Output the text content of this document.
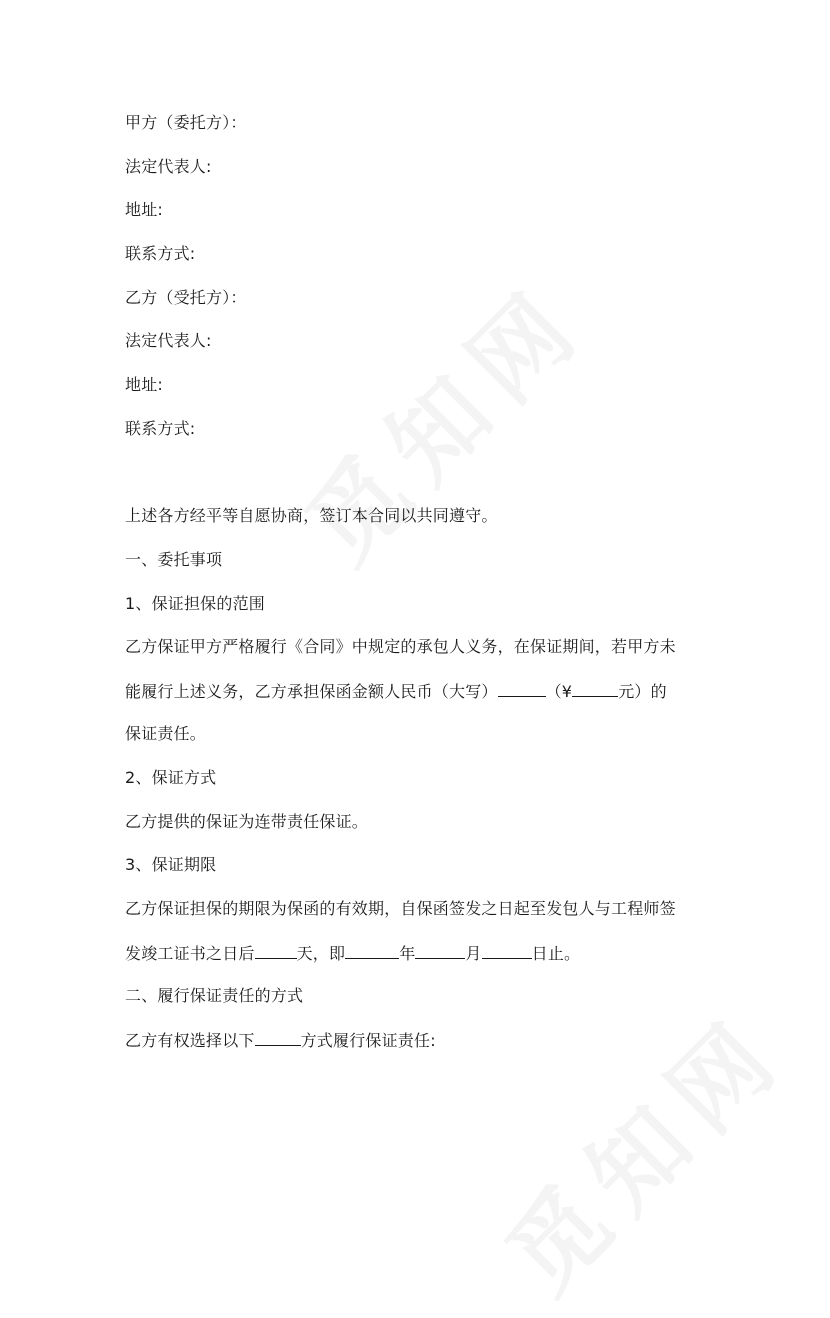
甲方（委托方）：
法定代表人:
地址:
联系方式:
乙方（受托方）：
法定代表人:
地址:
联系方式:
上述各方经平等自愿协商，签订本合同以共同遵守。
一、委托事项
1、保证担保的范围
乙方保证甲方严格履行《合同》中规定的承包人义务，在保证期间，若甲方未
能履行上述义务，乙方承担保函金额人民币（大写）	（¥	元）的
保证责任。
2、保证方式
乙方提供的保证为连带责任保证。
3、保证期限
乙方保证担保的期限为保函的有效期，自保函签发之日起至发包人与工程师签
发竣工证书之日后	天，即	年	月	日止。
二、履行保证责任的方式
乙方有权选择以下	方式履行保证责任:
